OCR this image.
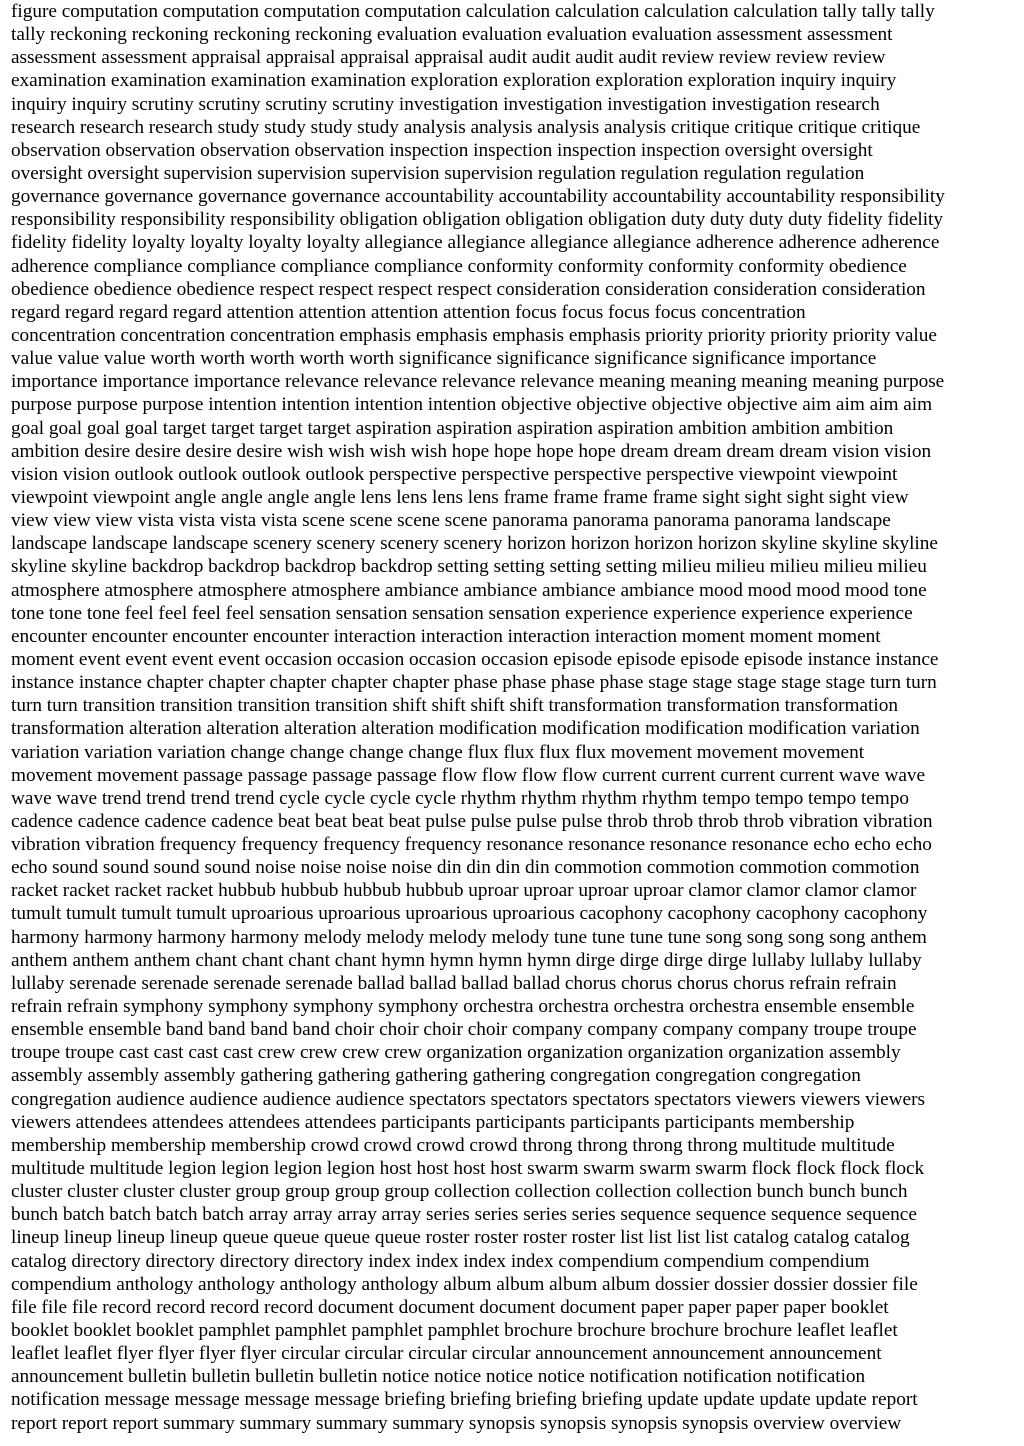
figure computation computation computation computation calculation calculation calculation calculation tally tally tally
tally reckoning reckoning reckoning reckoning evaluation evaluation evaluation evaluation assessment assessment
assessment assessment appraisal appraisal appraisal appraisal audit audit audit audit review review review review
examination examination examination examination exploration exploration exploration exploration inquiry inquiry
inquiry inquiry scrutiny scrutiny scrutiny scrutiny investigation investigation investigation investigation research
research research research study study study study analysis analysis analysis analysis critique critique critique critique
observation observation observation observation inspection inspection inspection inspection oversight oversight
oversight oversight supervision supervision supervision supervision regulation regulation regulation regulation
governance governance governance governance accountability accountability accountability accountability responsibility
responsibility responsibility responsibility obligation obligation obligation obligation duty duty duty duty fidelity fidelity
fidelity fidelity loyalty loyalty loyalty loyalty allegiance allegiance allegiance allegiance adherence adherence adherence
adherence compliance compliance compliance compliance conformity conformity conformity conformity obedience
obedience obedience obedience respect respect respect respect consideration consideration consideration consideration
regard regard regard regard attention attention attention attention focus focus focus focus concentration
concentration concentration concentration emphasis emphasis emphasis emphasis priority priority priority priority value
value value value worth worth worth worth worth significance significance significance significance importance
importance importance importance relevance relevance relevance relevance meaning meaning meaning meaning purpose
purpose purpose purpose intention intention intention intention objective objective objective objective aim aim aim aim
goal goal goal goal target target target target aspiration aspiration aspiration aspiration ambition ambition ambition
ambition desire desire desire desire wish wish wish wish hope hope hope hope dream dream dream dream vision vision
vision vision outlook outlook outlook outlook perspective perspective perspective perspective viewpoint viewpoint
viewpoint viewpoint angle angle angle angle lens lens lens lens frame frame frame frame sight sight sight sight view
view view view vista vista vista vista scene scene scene scene panorama panorama panorama panorama landscape
landscape landscape landscape scenery scenery scenery scenery horizon horizon horizon horizon skyline skyline skyline
skyline skyline backdrop backdrop backdrop backdrop setting setting setting setting milieu milieu milieu milieu milieu
atmosphere atmosphere atmosphere atmosphere ambiance ambiance ambiance ambiance mood mood mood mood tone
tone tone tone feel feel feel feel sensation sensation sensation sensation experience experience experience experience
encounter encounter encounter encounter interaction interaction interaction interaction moment moment moment
moment event event event event occasion occasion occasion occasion episode episode episode episode instance instance
instance instance chapter chapter chapter chapter chapter phase phase phase phase stage stage stage stage stage turn turn
turn turn transition transition transition transition shift shift shift shift transformation transformation transformation
transformation alteration alteration alteration alteration modification modification modification modification variation
variation variation variation change change change change flux flux flux flux movement movement movement
movement movement passage passage passage passage flow flow flow flow current current current current wave wave
wave wave trend trend trend trend cycle cycle cycle cycle rhythm rhythm rhythm rhythm tempo tempo tempo tempo
cadence cadence cadence cadence beat beat beat beat pulse pulse pulse pulse throb throb throb throb vibration vibration
vibration vibration frequency frequency frequency frequency resonance resonance resonance resonance echo echo echo
echo sound sound sound sound noise noise noise noise din din din din commotion commotion commotion commotion
racket racket racket racket hubbub hubbub hubbub hubbub uproar uproar uproar uproar clamor clamor clamor clamor
tumult tumult tumult tumult uproarious uproarious uproarious uproarious cacophony cacophony cacophony cacophony
harmony harmony harmony harmony melody melody melody melody tune tune tune tune song song song song anthem
anthem anthem anthem chant chant chant chant hymn hymn hymn hymn dirge dirge dirge dirge lullaby lullaby lullaby
lullaby serenade serenade serenade serenade ballad ballad ballad ballad chorus chorus chorus chorus refrain refrain
refrain refrain symphony symphony symphony symphony orchestra orchestra orchestra orchestra ensemble ensemble
ensemble ensemble band band band band choir choir choir choir company company company company troupe troupe
troupe troupe cast cast cast cast crew crew crew crew organization organization organization organization assembly
assembly assembly assembly gathering gathering gathering gathering congregation congregation congregation
congregation audience audience audience audience spectators spectators spectators spectators viewers viewers viewers
viewers attendees attendees attendees attendees participants participants participants participants membership
membership membership membership crowd crowd crowd crowd throng throng throng throng multitude multitude
multitude multitude legion legion legion legion host host host host swarm swarm swarm swarm flock flock flock flock
cluster cluster cluster cluster group group group group collection collection collection collection bunch bunch bunch
bunch batch batch batch batch array array array array series series series series sequence sequence sequence sequence
lineup lineup lineup lineup queue queue queue queue roster roster roster roster list list list list catalog catalog catalog
catalog directory directory directory directory index index index index compendium compendium compendium
compendium anthology anthology anthology anthology album album album album dossier dossier dossier dossier file
file file file record record record record document document document document paper paper paper paper booklet
booklet booklet booklet pamphlet pamphlet pamphlet pamphlet brochure brochure brochure brochure leaflet leaflet
leaflet leaflet flyer flyer flyer flyer circular circular circular circular announcement announcement announcement
announcement bulletin bulletin bulletin bulletin notice notice notice notice notification notification notification
notification message message message message briefing briefing briefing briefing update update update update report
report report report summary summary summary summary synopsis synopsis synopsis synopsis overview overview
